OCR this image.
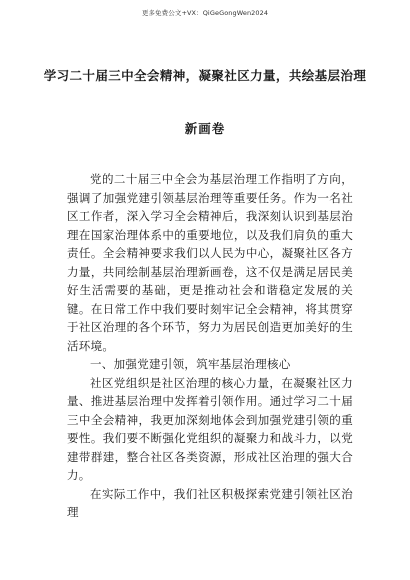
更多免费公文+VX：QiGeGongWen2024
学习二十届三中全会精神，凝聚社区力量，共绘基层治理
新画卷

党的二十届三中全会为基层治理工作指明了方向，强调了加强党建引领基层治理等重要任务。作为一名社区工作者，深入学习全会精神后，我深刻认识到基层治理在国家治理体系中的重要地位，以及我们肩负的重大责任。全会精神要求我们以人民为中心，凝聚社区各方力量，共同绘制基层治理新画卷，这不仅是满足居民美好生活需要的基础，更是推动社会和谐稳定发展的关键。在日常工作中我们要时刻牢记全会精神，将其贯穿于社区治理的各个环节，努力为居民创造更加美好的生活环境。

一、加强党建引领，筑牢基层治理核心

社区党组织是社区治理的核心力量，在凝聚社区力量、推进基层治理中发挥着引领作用。通过学习二十届三中全会精神，我更加深刻地体会到加强党建引领的重要性。我们要不断强化党组织的凝聚力和战斗力，以党建带群建，整合社区各类资源，形成社区治理的强大合力。

在实际工作中，我们社区积极探索党建引领社区治理
